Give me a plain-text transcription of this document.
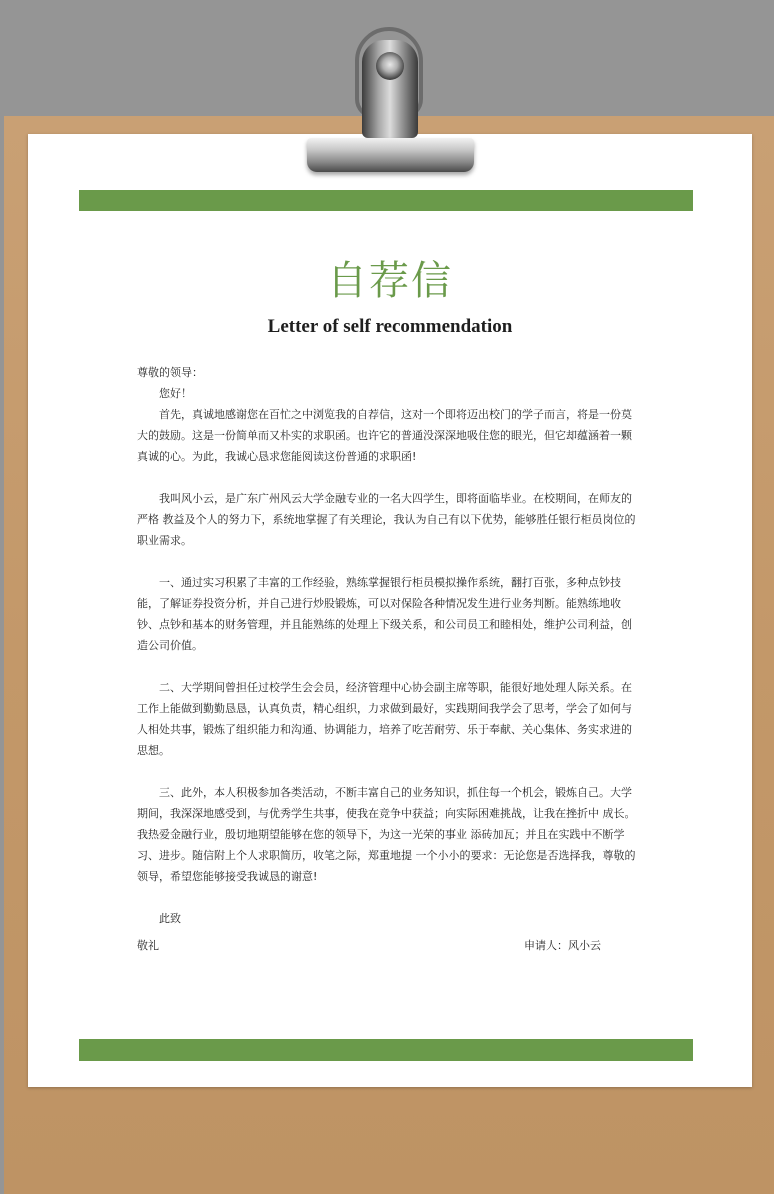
自荐信
Letter of self recommendation

尊敬的领导：

您好！

首先，真诚地感谢您在百忙之中浏览我的自荐信，这对一个即将迈出校门的学子而言，将是一份莫大的鼓励。这是一份简单而又朴实的求职函。也许它的普通没深深地吸住您的眼光，但它却蕴涵着一颗真诚的心。为此，我诚心恳求您能阅读这份普通的求职函!

我叫风小云，是广东广州风云大学金融专业的一名大四学生，即将面临毕业。在校期间，在师友的严格 教益及个人的努力下，系统地掌握了有关理论，我认为自己有以下优势，能够胜任银行柜员岗位的职业需求。

一、通过实习积累了丰富的工作经验，熟练掌握银行柜员模拟操作系统，翻打百张，多种点钞技能，了解证券投资分析，并自己进行炒股锻炼，可以对保险各种情况发生进行业务判断。能熟练地收钞、点钞和基本的财务管理，并且能熟练的处理上下级关系，和公司员工和睦相处，维护公司利益，创造公司价值。

二、大学期间曾担任过校学生会会员，经济管理中心协会副主席等职，能很好地处理人际关系。在工作上能做到勤勤恳恳，认真负责，精心组织，力求做到最好，实践期间我学会了思考，学会了如何与人相处共事，锻炼了组织能力和沟通、协调能力，培养了吃苦耐劳、乐于奉献、关心集体、务实求进的思想。

三、此外，本人积极参加各类活动，不断丰富自己的业务知识，抓住每一个机会，锻炼自己。大学期间，我深深地感受到，与优秀学生共事，使我在竞争中获益；向实际困难挑战，让我在挫折中 成长。我热爱金融行业，殷切地期望能够在您的领导下，为这一光荣的事业 添砖加瓦；并且在实践中不断学习、进步。随信附上个人求职简历，收笔之际，郑重地提 一个小小的要求：无论您是否选择我，尊敬的领导，希望您能够接受我诚恳的谢意!

此致

敬礼	申请人：风小云
